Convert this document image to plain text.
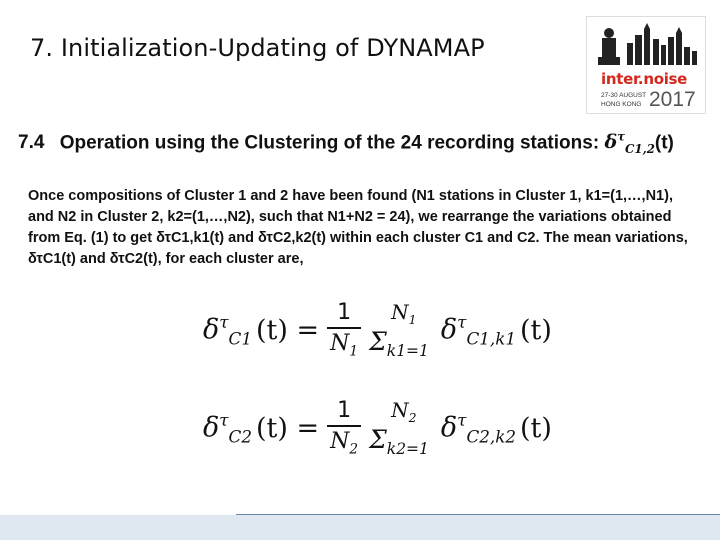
7. Initialization-Updating of DYNAMAP
inter.noise
27-30 AUGUST
HONG KONG 2017
7.4 Operation using the Clustering of the 24 recording stations: $\delta^\tau_{C1,2}(t)$
Once compositions of Cluster 1 and 2 have been found (N1 stations in Cluster 1, k1=(1,…,N1),
and N2 in Cluster 2, k2=(1,…,N2), such that N1+N2 = 24), we rearrange the variations obtained
from Eq. (1) to get δτC1,k1(t) and δτC2,k2(t) within each cluster C1 and C2. The mean variations,
δτC1(t) and δτC2(t), for each cluster are,
$\delta^\tau_{C1}$ $(t) = \frac{1}{N_1} N_1$
$\Sigma_{k1=1}$
$\delta^\tau_{C1,k1}$ (t)
$\delta^\tau_{C2}$ $(t) = \frac{1}{N_2} N_2$
$\Sigma_{k2=1}$
$\delta^\tau_{C2,k2}$ (t)
